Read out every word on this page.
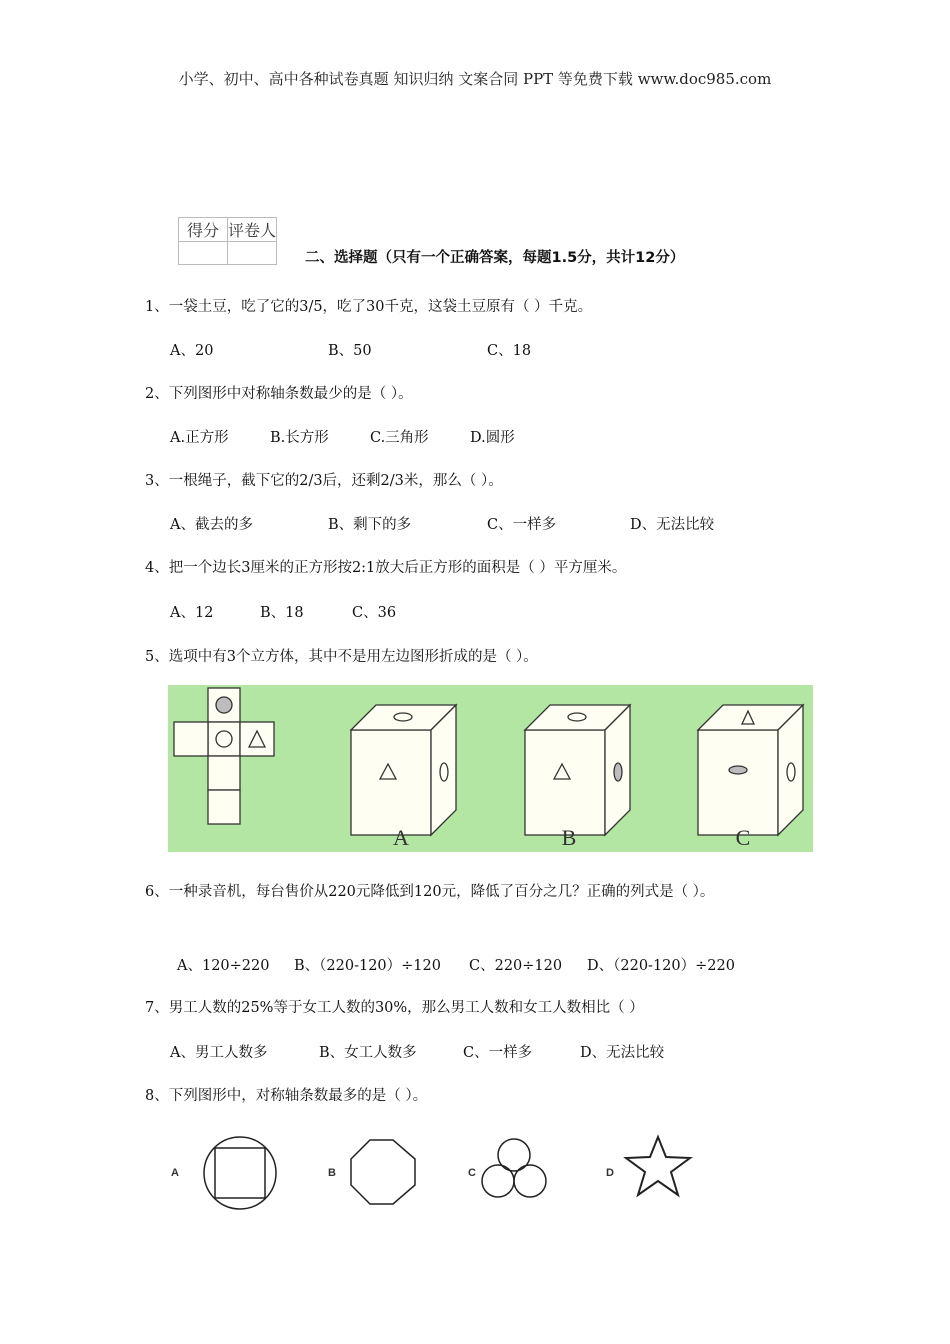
小学、初中、高中各种试卷真题 知识归纳 文案合同 PPT 等免费下载 www.doc985.com
得分	评卷人

二、选择题（只有一个正确答案，每题1.5分，共计12分）
1、一袋土豆，吃了它的3/5，吃了30千克，这袋土豆原有（ ）千克。
A、20	B、50	C、18
2、下列图形中对称轴条数最少的是（ ）。
A.正方形	B.长方形	C.三角形	D.圆形
3、一根绳子，截下它的2/3后，还剩2/3米，那么（ ）。
A、截去的多	B、剩下的多	C、一样多	D、无法比较
4、把一个边长3厘米的正方形按2:1放大后正方形的面积是（ ）平方厘米。
A、12	B、18	C、36
5、选项中有3个立方体，其中不是用左边图形折成的是（ ）。
A	B	C
6、一种录音机，每台售价从220元降低到120元，降低了百分之几？正确的列式是（ ）。
A、120÷220 B、（220-120）÷120 C、220÷120 D、（220-120）÷220
7、男工人数的25%等于女工人数的30%，那么男工人数和女工人数相比（ ）
A、男工人数多	B、女工人数多	C、一样多	D、无法比较
8、下列图形中，对称轴条数最多的是（ ）。
A	B	C	D
